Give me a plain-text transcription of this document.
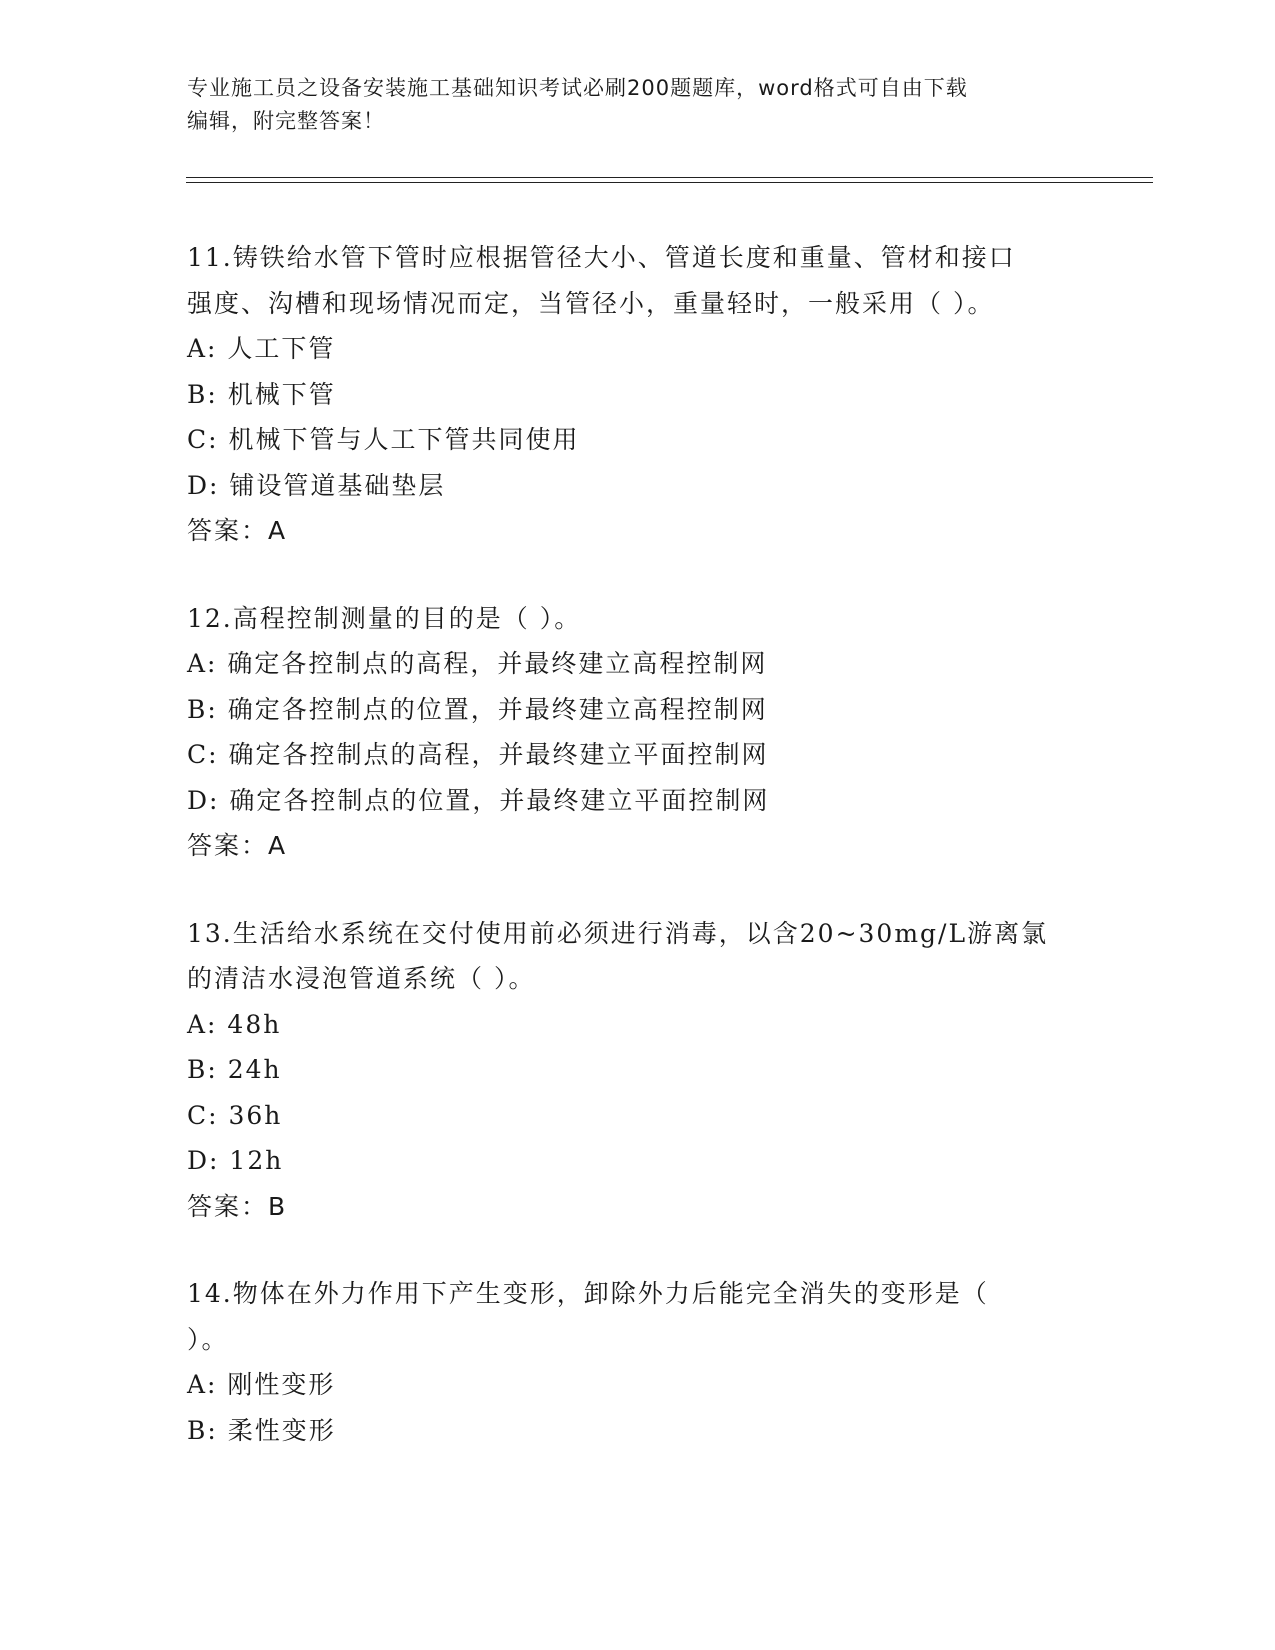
专业施工员之设备安装施工基础知识考试必刷200题题库，word格式可自由下载
编辑，附完整答案！
11.铸铁给水管下管时应根据管径大小、管道长度和重量、管材和接口
强度、沟槽和现场情况而定，当管径小，重量轻时，一般采用（ ）。
A: 人工下管
B: 机械下管
C: 机械下管与人工下管共同使用
D: 铺设管道基础垫层
答案：A
12.高程控制测量的目的是（ ）。
A: 确定各控制点的高程，并最终建立高程控制网
B: 确定各控制点的位置，并最终建立高程控制网
C: 确定各控制点的高程，并最终建立平面控制网
D: 确定各控制点的位置，并最终建立平面控制网
答案：A
13.生活给水系统在交付使用前必须进行消毒，以含20~30mg/L游离氯
的清洁水浸泡管道系统（ ）。
A: 48h
B: 24h
C: 36h
D: 12h
答案：B
14.物体在外力作用下产生变形，卸除外力后能完全消失的变形是（
）。
A: 刚性变形
B: 柔性变形
